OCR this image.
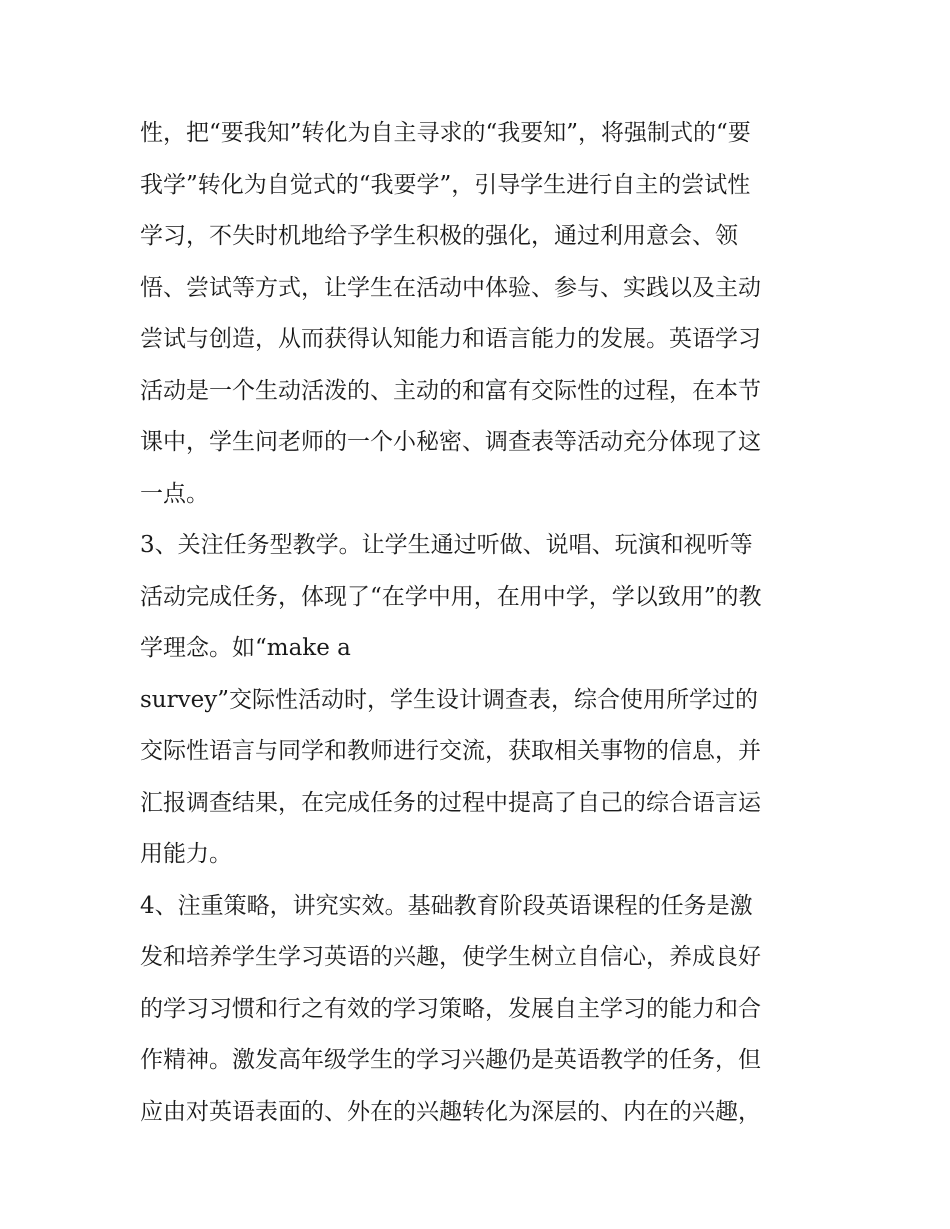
性，把“要我知”转化为自主寻求的“我要知”，将强制式的“要
我学”转化为自觉式的“我要学”，引导学生进行自主的尝试性
学习，不失时机地给予学生积极的强化，通过利用意会、领
悟、尝试等方式，让学生在活动中体验、参与、实践以及主动
尝试与创造，从而获得认知能力和语言能力的发展。英语学习
活动是一个生动活泼的、主动的和富有交际性的过程，在本节
课中，学生问老师的一个小秘密、调查表等活动充分体现了这
一点。
3、关注任务型教学。让学生通过听做、说唱、玩演和视听等
活动完成任务，体现了“在学中用，在用中学，学以致用”的教
学理念。如“make a
survey”交际性活动时，学生设计调查表，综合使用所学过的
交际性语言与同学和教师进行交流，获取相关事物的信息，并
汇报调查结果，在完成任务的过程中提高了自己的综合语言运
用能力。
4、注重策略，讲究实效。基础教育阶段英语课程的任务是激
发和培养学生学习英语的兴趣，使学生树立自信心，养成良好
的学习习惯和行之有效的学习策略，发展自主学习的能力和合
作精神。激发高年级学生的学习兴趣仍是英语教学的任务，但
应由对英语表面的、外在的兴趣转化为深层的、内在的兴趣，
